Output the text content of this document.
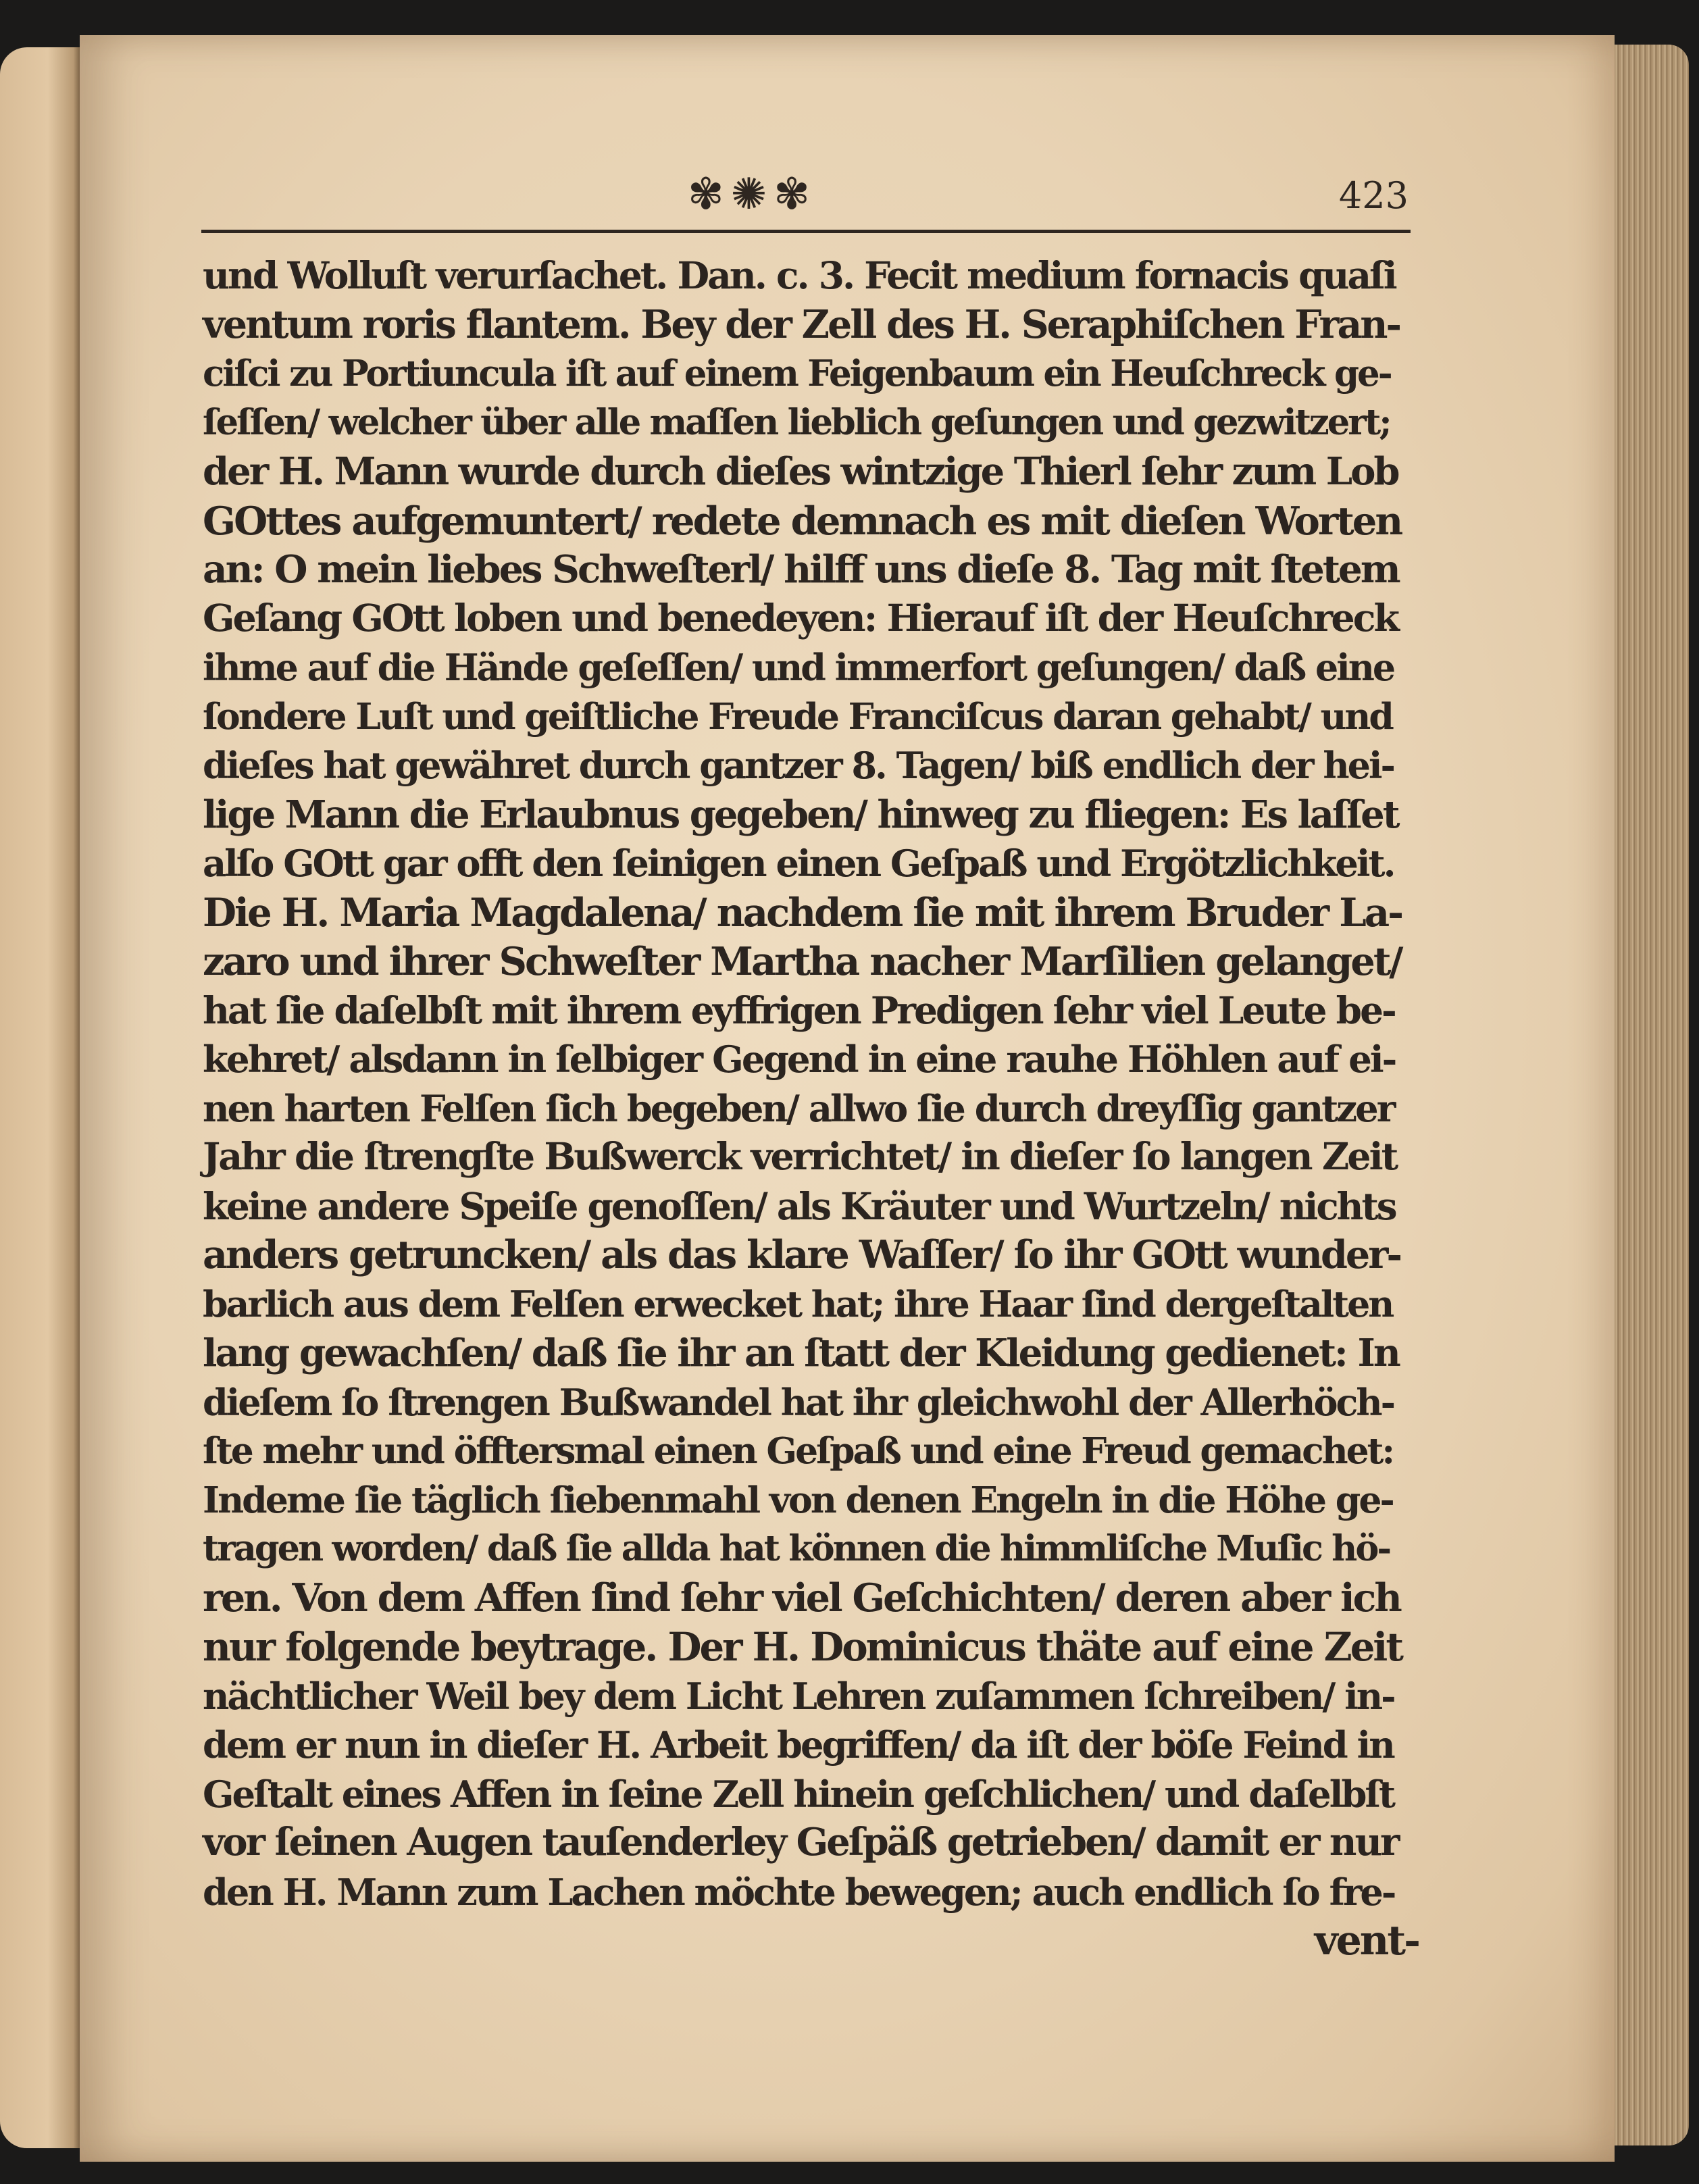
✾✺✾	423
und Wolluſt verurſachet. Dan. c. 3. Fecit medium fornacis quaſi
ventum roris flantem. Bey der Zell des H. Seraphiſchen Fran-
ciſci zu Portiuncula iſt auf einem Feigenbaum ein Heuſchreck ge-
ſeſſen/ welcher über alle maſſen lieblich geſungen und gezwitzert;
der H. Mann wurde durch dieſes wintzige Thierl ſehr zum Lob
GOttes aufgemuntert/ redete demnach es mit dieſen Worten
an: O mein liebes Schweſterl/ hilff uns dieſe 8. Tag mit ſtetem
Geſang GOtt loben und benedeyen: Hierauf iſt der Heuſchreck
ihme auf die Hände geſeſſen/ und immerfort geſungen/ daß eine
ſondere Luſt und geiſtliche Freude Franciſcus daran gehabt/ und
dieſes hat gewähret durch gantzer 8. Tagen/ biß endlich der hei-
lige Mann die Erlaubnus gegeben/ hinweg zu fliegen: Es laſſet
alſo GOtt gar offt den ſeinigen einen Geſpaß und Ergötzlichkeit.
Die H. Maria Magdalena/ nachdem ſie mit ihrem Bruder La-
zaro und ihrer Schweſter Martha nacher Marſilien gelanget/
hat ſie daſelbſt mit ihrem eyffrigen Predigen ſehr viel Leute be-
kehret/ alsdann in ſelbiger Gegend in eine rauhe Höhlen auf ei-
nen harten Felſen ſich begeben/ allwo ſie durch dreyſſig gantzer
Jahr die ſtrengſte Bußwerck verrichtet/ in dieſer ſo langen Zeit
keine andere Speiſe genoſſen/ als Kräuter und Wurtzeln/ nichts
anders getruncken/ als das klare Waſſer/ ſo ihr GOtt wunder-
barlich aus dem Felſen erwecket hat; ihre Haar ſind dergeſtalten
lang gewachſen/ daß ſie ihr an ſtatt der Kleidung gedienet: In
dieſem ſo ſtrengen Bußwandel hat ihr gleichwohl der Allerhöch-
ſte mehr und öfftersmal einen Geſpaß und eine Freud gemachet:
Indeme ſie täglich ſiebenmahl von denen Engeln in die Höhe ge-
tragen worden/ daß ſie allda hat können die himmliſche Muſic hö-
ren. Von dem Affen ſind ſehr viel Geſchichten/ deren aber ich
nur folgende beytrage. Der H. Dominicus thäte auf eine Zeit
nächtlicher Weil bey dem Licht Lehren zuſammen ſchreiben/ in-
dem er nun in dieſer H. Arbeit begriffen/ da iſt der böſe Feind in
Geſtalt eines Affen in ſeine Zell hinein geſchlichen/ und daſelbſt
vor ſeinen Augen tauſenderley Geſpäß getrieben/ damit er nur
den H. Mann zum Lachen möchte bewegen; auch endlich ſo fre-
vent-
